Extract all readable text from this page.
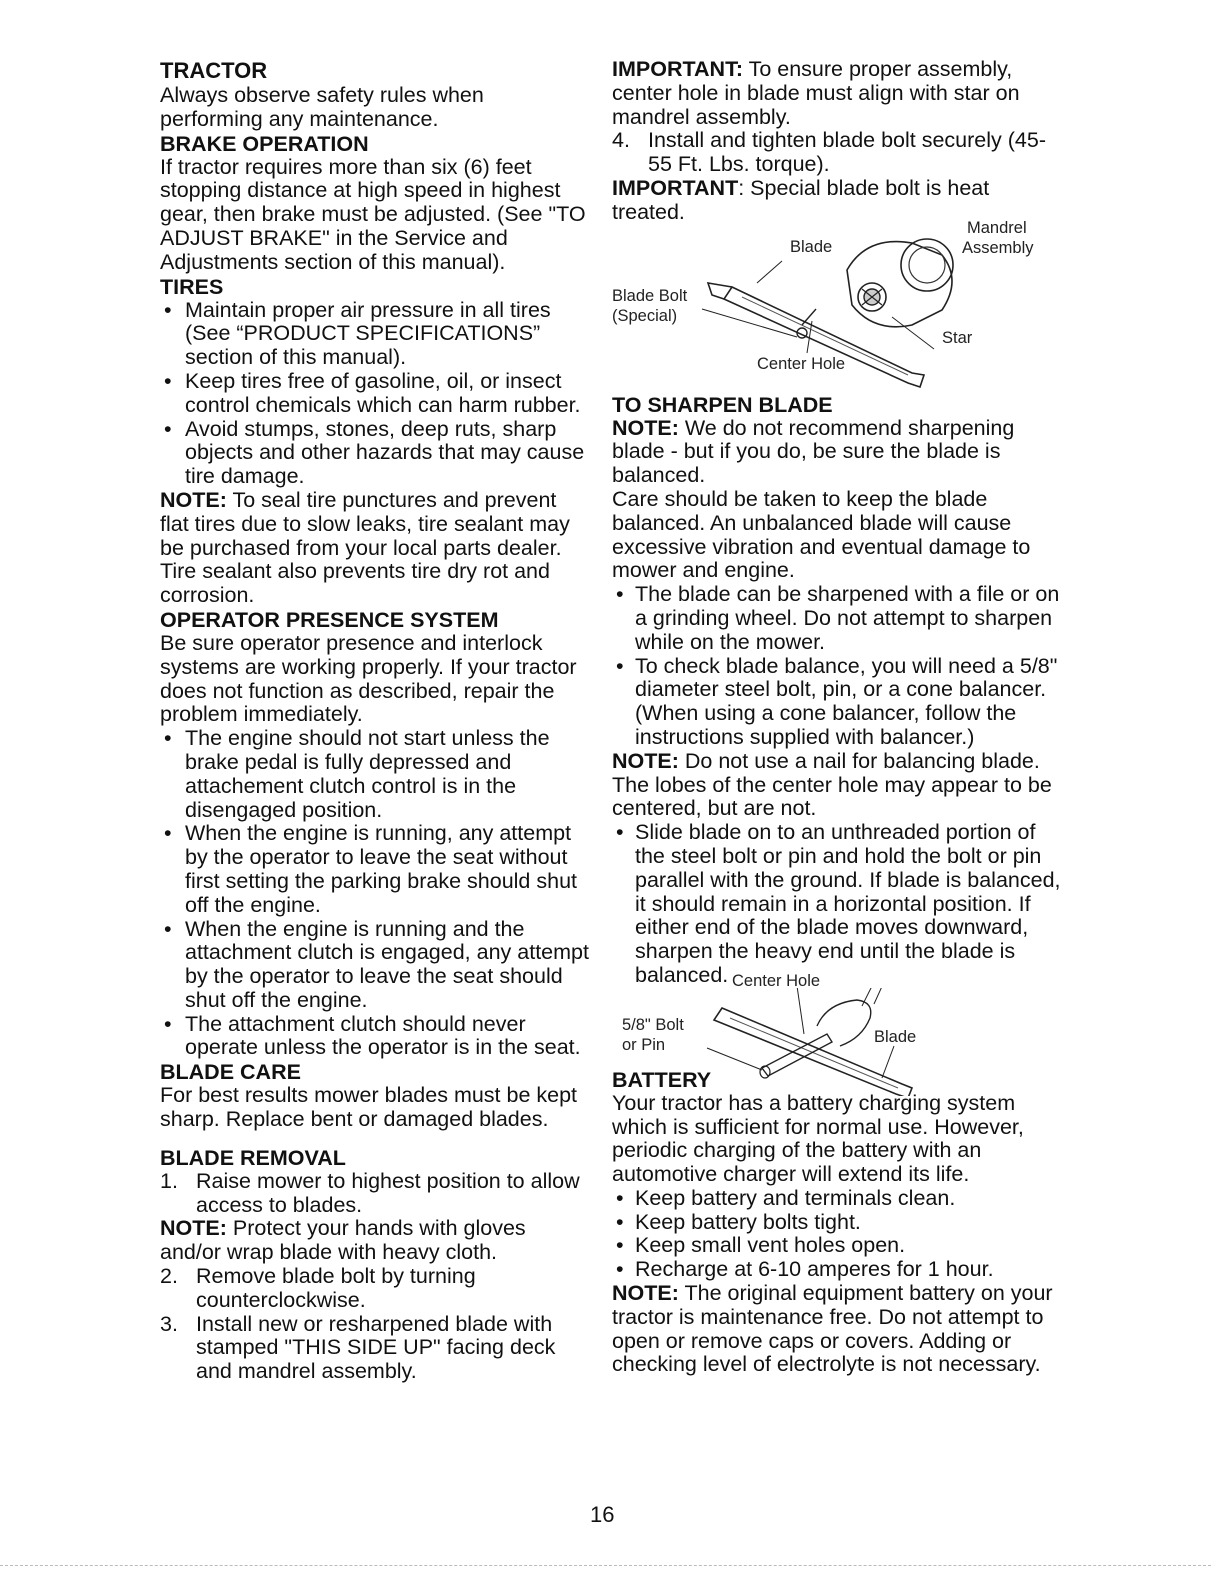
TRACTOR

Always observe safety rules when performing any maintenance.

BRAKE OPERATION

If tractor requires more than six (6) feet stopping distance at high speed in highest gear, then brake must be adjusted. (See "TO ADJUST BRAKE" in the Service and Adjustments section of this manual).

TIRES
• Maintain proper air pressure in all tires (See “PRODUCT SPECIFICATIONS” section of this manual).
• Keep tires free of gasoline, oil, or insect control chemicals which can harm rubber.
• Avoid stumps, stones, deep ruts, sharp objects and other hazards that may cause tire damage.

NOTE: To seal tire punctures and prevent flat tires due to slow leaks, tire sealant may be purchased from your local parts dealer. Tire sealant also prevents tire dry rot and corrosion.

OPERATOR PRESENCE SYSTEM

Be sure operator presence and interlock systems are working properly. If your tractor does not function as described, repair the problem immediately.

• The engine should not start unless the brake pedal is fully depressed and attachement clutch control is in the disengaged position.
• When the engine is running, any attempt by the operator to leave the seat without first setting the parking brake should shut off the engine.
• When the engine is running and the attachment clutch is engaged, any attempt by the operator to leave the seat should shut off the engine.
• The attachment clutch should never operate unless the operator is in the seat.
BLADE CARE

For best results mower blades must be kept sharp. Replace bent or damaged blades.

BLADE REMOVAL

1. Raise mower to highest position to allow access to blades.

NOTE: Protect your hands with gloves and/or wrap blade with heavy cloth.

2. Remove blade bolt by turning counterclockwise.

3. Install new or resharpened blade with stamped "THIS SIDE UP" facing deck and mandrel assembly.

IMPORTANT: To ensure proper assembly, center hole in blade must align with star on mandrel assembly.

4. Install and tighten blade bolt securely (45-55 Ft. Lbs. torque).

IMPORTANT: Special blade bolt is heat treated.

Mandrel
Assembly
Blade
Blade Bolt
(Special)
Star
Center Hole
TO SHARPEN BLADE

NOTE: We do not recommend sharpening blade - but if you do, be sure the blade is balanced.

Care should be taken to keep the blade balanced. An unbalanced blade will cause excessive vibration and eventual damage to mower and engine.

• The blade can be sharpened with a file or on a grinding wheel. Do not attempt to sharpen while on the mower.
• To check blade balance, you will need a 5/8" diameter steel bolt, pin, or a cone balancer. (When using a cone balancer, follow the instructions supplied with balancer.)

NOTE: Do not use a nail for balancing blade. The lobes of the center hole may appear to be centered, but are not.

• Slide blade on to an unthreaded portion of the steel bolt or pin and hold the bolt or pin parallel with the ground. If blade is balanced, it should remain in a horizontal position. If either end of the blade moves downward, sharpen the heavy end until the blade is balanced. Center Hole
5/8" Bolt
or Pin	Blade
BATTERY

Your tractor has a battery charging system which is sufficient for normal use. However, periodic charging of the battery with an automotive charger will extend its life.

• Keep battery and terminals clean.
• Keep battery bolts tight.
• Keep small vent holes open.
• Recharge at 6-10 amperes for 1 hour.

NOTE: The original equipment battery on your tractor is maintenance free. Do not attempt to open or remove caps or covers. Adding or checking level of electrolyte is not necessary.

16
